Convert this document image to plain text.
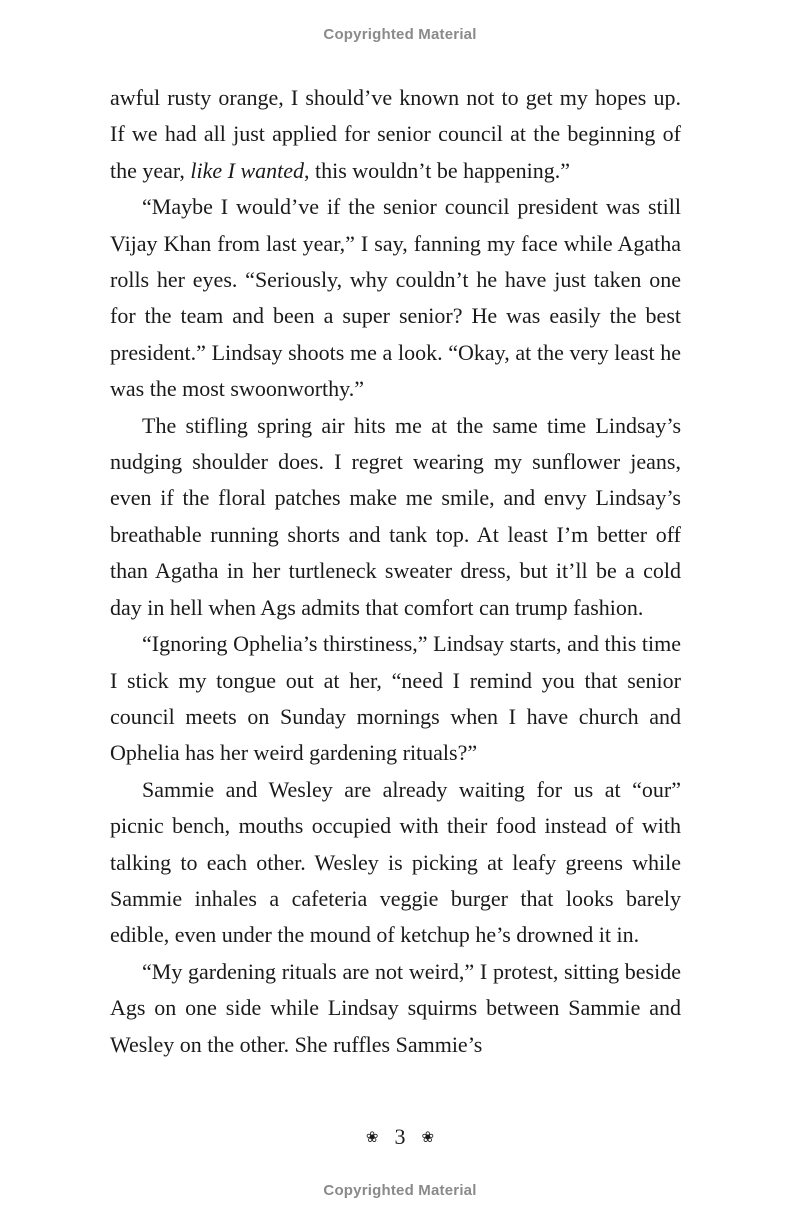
Copyrighted Material

awful rusty orange, I should’ve known not to get my hopes up. If we had all just applied for senior council at the beginning of the year, like I wanted, this wouldn’t be happening.”

“Maybe I would’ve if the senior council president was still Vijay Khan from last year,” I say, fanning my face while Agatha rolls her eyes. “Seriously, why couldn’t he have just taken one for the team and been a super senior? He was easily the best president.” Lindsay shoots me a look. “Okay, at the very least he was the most swoonworthy.”

The stifling spring air hits me at the same time Lindsay’s nudging shoulder does. I regret wearing my sunflower jeans, even if the floral patches make me smile, and envy Lindsay’s breathable running shorts and tank top. At least I’m better off than Agatha in her turtleneck sweater dress, but it’ll be a cold day in hell when Ags admits that comfort can trump fashion.

“Ignoring Ophelia’s thirstiness,” Lindsay starts, and this time I stick my tongue out at her, “need I remind you that senior council meets on Sunday mornings when I have church and Ophelia has her weird gardening rituals?”

Sammie and Wesley are already waiting for us at “our” picnic bench, mouths occupied with their food instead of with talking to each other. Wesley is picking at leafy greens while Sammie inhales a cafeteria veggie burger that looks barely edible, even under the mound of ketchup he’s drowned it in.

“My gardening rituals are not weird,” I protest, sitting beside Ags on one side while Lindsay squirms between Sammie and Wesley on the other. She ruffles Sammie’s

❀ 3 ❀
Copyrighted Material
